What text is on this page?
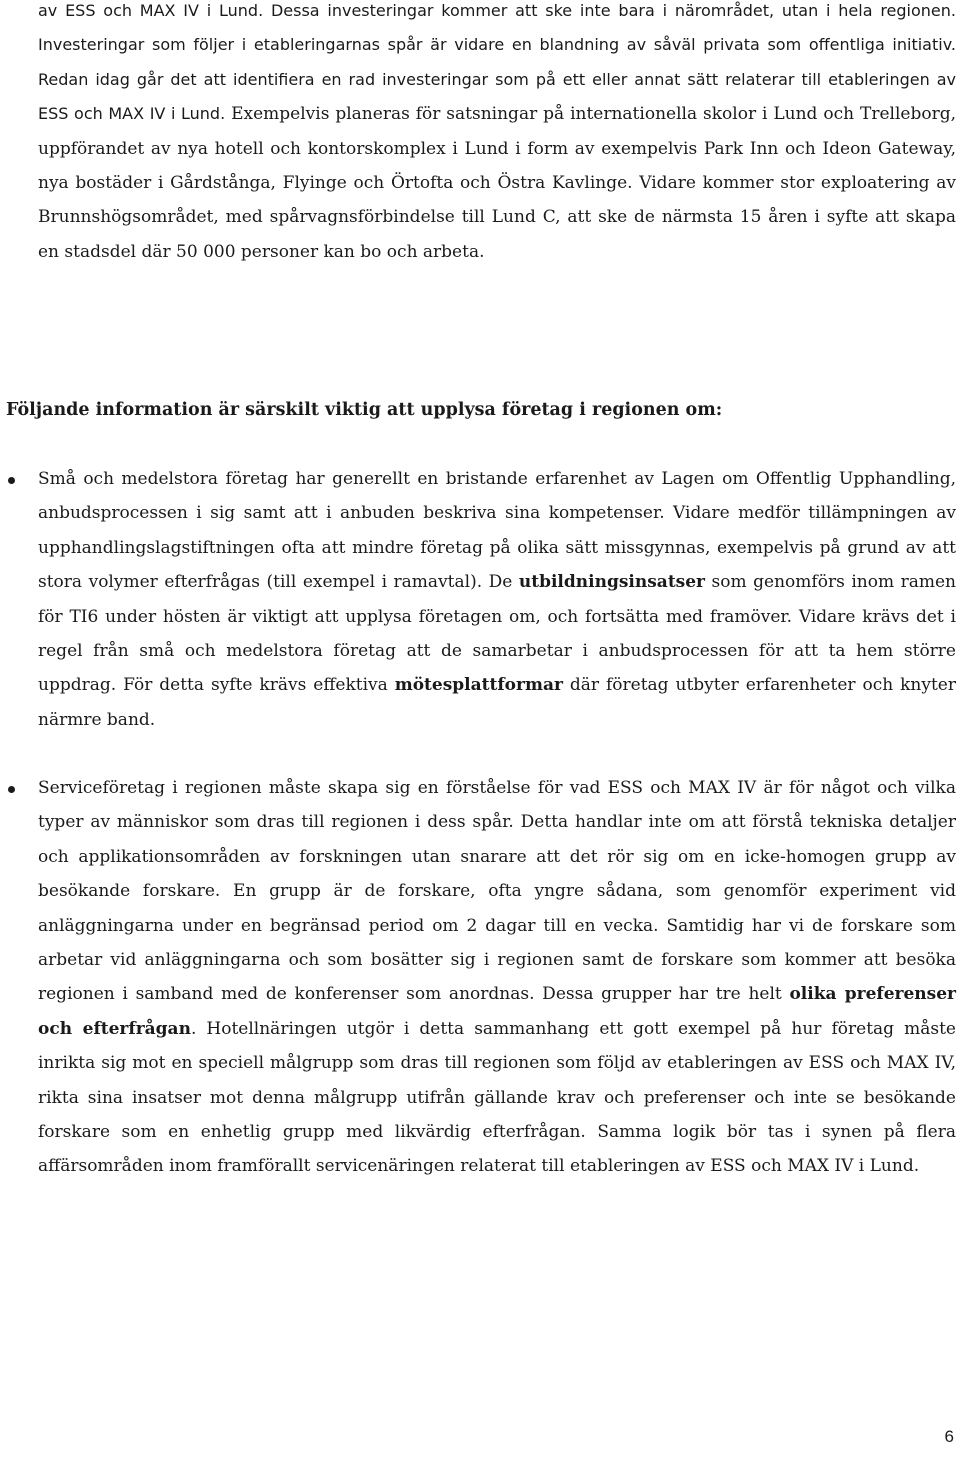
av ESS och MAX IV i Lund. Dessa investeringar kommer att ske inte bara i närområdet, utan i hela regionen. Investeringar som följer i etableringarnas spår är vidare en blandning av såväl privata som offentliga initiativ. Redan idag går det att identifiera en rad investeringar som på ett eller annat sätt relaterar till etableringen av ESS och MAX IV i Lund. Exempelvis planeras för satsningar på internationella skolor i Lund och Trelleborg, uppförandet av nya hotell och kontorskomplex i Lund i form av exempelvis Park Inn och Ideon Gateway, nya bostäder i Gårdstånga, Flyinge och Örtofta och Östra Kavlinge. Vidare kommer stor exploatering av Brunnshögsområdet, med spårvagnsförbindelse till Lund C, att ske de närmsta 15 åren i syfte att skapa en stadsdel där 50 000 personer kan bo och arbeta.

Följande information är särskilt viktig att upplysa företag i regionen om:

Små och medelstora företag har generellt en bristande erfarenhet av Lagen om Offentlig Upphandling, anbudsprocessen i sig samt att i anbuden beskriva sina kompetenser. Vidare medför tillämpningen av upphandlingslagstiftningen ofta att mindre företag på olika sätt missgynnas, exempelvis på grund av att stora volymer efterfrågas (till exempel i ramavtal). De utbildningsinsatser som genomförs inom ramen för TI6 under hösten är viktigt att upplysa företagen om, och fortsätta med framöver. Vidare krävs det i regel från små och medelstora företag att de samarbetar i anbudsprocessen för att ta hem större uppdrag. För detta syfte krävs effektiva mötesplattformar där företag utbyter erfarenheter och knyter närmre band.

Serviceföretag i regionen måste skapa sig en förståelse för vad ESS och MAX IV är för något och vilka typer av människor som dras till regionen i dess spår. Detta handlar inte om att förstå tekniska detaljer och applikationsområden av forskningen utan snarare att det rör sig om en icke-homogen grupp av besökande forskare. En grupp är de forskare, ofta yngre sådana, som genomför experiment vid anläggningarna under en begränsad period om 2 dagar till en vecka. Samtidig har vi de forskare som arbetar vid anläggningarna och som bosätter sig i regionen samt de forskare som kommer att besöka regionen i samband med de konferenser som anordnas. Dessa grupper har tre helt olika preferenser och efterfrågan. Hotellnäringen utgör i detta sammanhang ett gott exempel på hur företag måste inrikta sig mot en speciell målgrupp som dras till regionen som följd av etableringen av ESS och MAX IV, rikta sina insatser mot denna målgrupp utifrån gällande krav och preferenser och inte se besökande forskare som en enhetlig grupp med likvärdig efterfrågan. Samma logik bör tas i synen på flera affärsområden inom framförallt servicenäringen relaterat till etableringen av ESS och MAX IV i Lund.

6
